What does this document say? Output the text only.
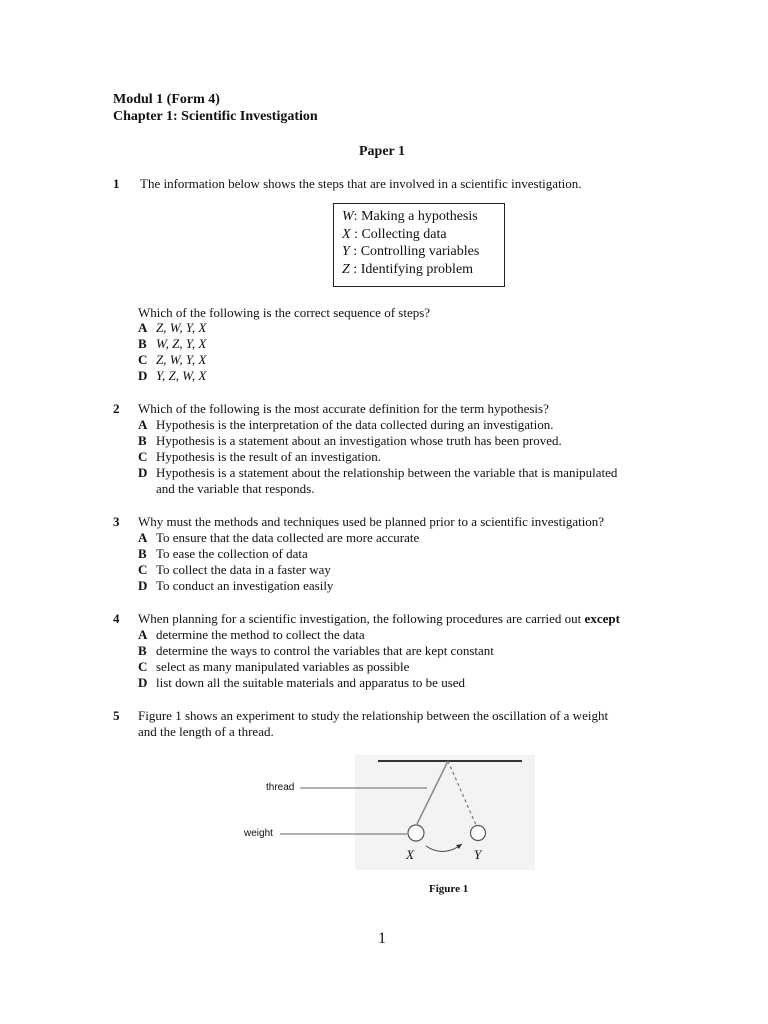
Modul 1 (Form 4)
Chapter 1: Scientific Investigation
Paper 1
1 The information below shows the steps that are involved in a scientific investigation.
W: Making a hypothesis
X : Collecting data
Y : Controlling variables
Z : Identifying problem
Which of the following is the correct sequence of steps?
A Z, W, Y, X
B W, Z, Y, X
C Z, W, Y, X
D Y, Z, W, X
2 Which of the following is the most accurate definition for the term hypothesis?
A Hypothesis is the interpretation of the data collected during an investigation.
B Hypothesis is a statement about an investigation whose truth has been proved.
C Hypothesis is the result of an investigation.
D Hypothesis is a statement about the relationship between the variable that is manipulated
and the variable that responds.
3 Why must the methods and techniques used be planned prior to a scientific investigation?
A To ensure that the data collected are more accurate
B To ease the collection of data
C To collect the data in a faster way
D To conduct an investigation easily
4 When planning for a scientific investigation, the following procedures are carried out except
A determine the method to collect the data
B determine the ways to control the variables that are kept constant
C select as many manipulated variables as possible
D list down all the suitable materials and apparatus to be used
5 Figure 1 shows an experiment to study the relationship between the oscillation of a weight
and the length of a thread.
thread
weight
X	Y
Figure 1
1
